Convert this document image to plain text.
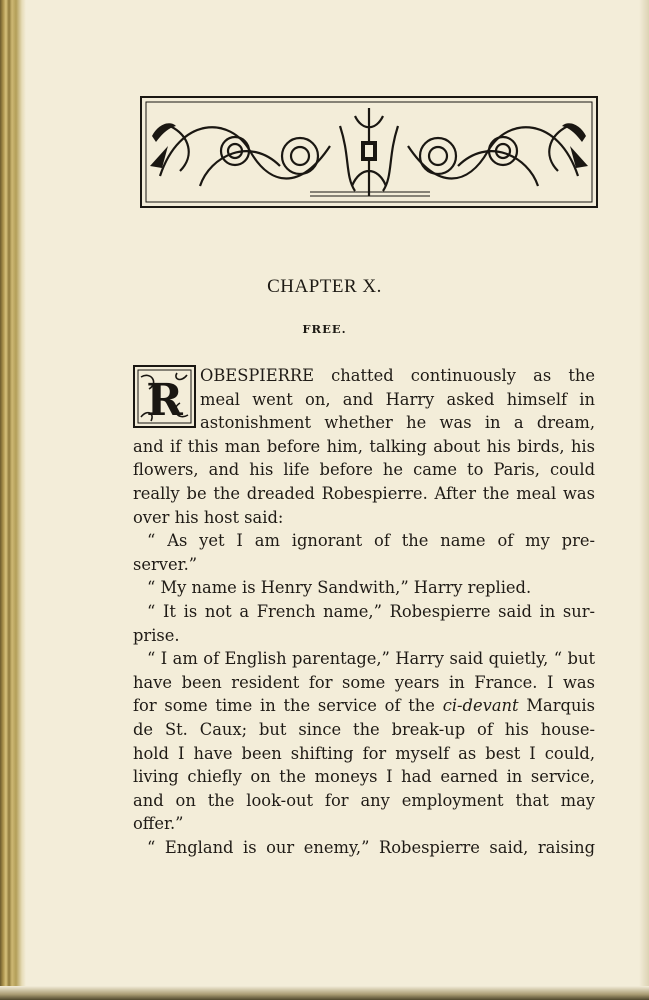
CHAPTER X.
FREE.
R	OBESPIERRE chatted continuously as the
meal went on, and Harry asked himself in
astonishment whether he was in a dream,
and if this man before him, talking about his birds, his
flowers, and his life before he came to Paris, could
really be the dreaded Robespierre. After the meal was
over his host said:
“ As yet I am ignorant of the name of my pre-
server.”
“ My name is Henry Sandwith,” Harry replied.
“ It is not a French name,” Robespierre said in sur-
prise.
“ I am of English parentage,” Harry said quietly, “ but
have been resident for some years in France. I was
for some time in the service of the ci-devant Marquis
de St. Caux; but since the break-up of his house-
hold I have been shifting for myself as best I could,
living chiefly on the moneys I had earned in service,
and on the look-out for any employment that may
offer.”
“ England is our enemy,” Robespierre said, raising
